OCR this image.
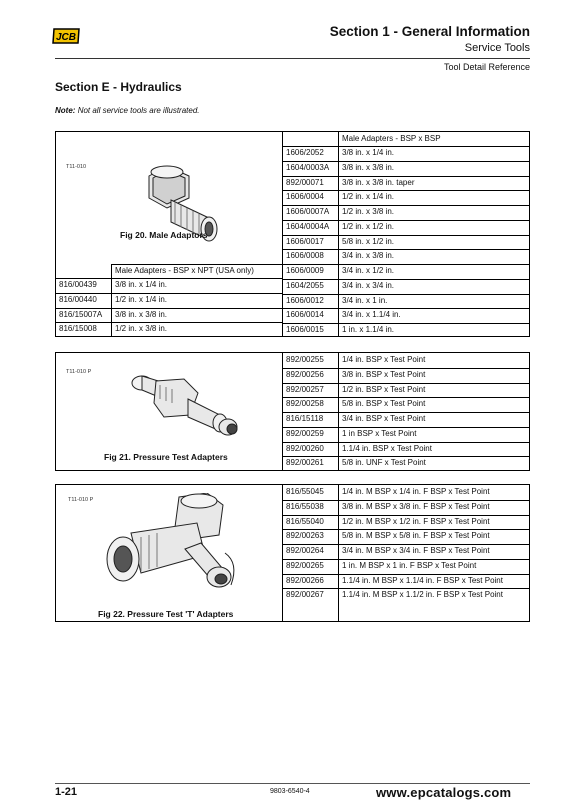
JCB	Section 1 - General Information
Service Tools
Tool Detail Reference
Section E - Hydraulics
Note: Not all service tools are illustrated.
T11-010
Fig 20. Male Adaptors
Male Adapters - BSP x BSP
1606/2052	3/8 in. x 1/4 in.
1604/0003A	3/8 in. x 3/8 in.
892/00071	3/8 in. x 3/8 in. taper
1606/0004	1/2 in. x 1/4 in.
1606/0007A	1/2 in. x 3/8 in.
1604/0004A	1/2 in. x 1/2 in.
1606/0017	5/8 in. x 1/2 in.
1606/0008	3/4 in. x 3/8 in.
1606/0009	3/4 in. x 1/2 in.
1604/2055	3/4 in. x 3/4 in.
1606/0012	3/4 in. x 1 in.
1606/0014	3/4 in. x 1.1/4 in.
1606/0015	1 in. x 1.1/4 in.
Male Adapters - BSP x NPT (USA only)
816/00439	3/8 in. x 1/4 in.
816/00440	1/2 in. x 1/4 in.
816/15007A	3/8 in. x 3/8 in.
816/15008	1/2 in. x 3/8 in.
T11-010 P
Fig 21. Pressure Test Adapters
892/00255	1/4 in. BSP x Test Point
892/00256	3/8 in. BSP x Test Point
892/00257	1/2 in. BSP x Test Point
892/00258	5/8 in. BSP x Test Point
816/15118	3/4 in. BSP x Test Point
892/00259	1 in BSP x Test Point
892/00260	1.1/4 in. BSP x Test Point
892/00261	5/8 in. UNF x Test Point
T11-010 P
Fig 22. Pressure Test 'T' Adapters
816/55045	1/4 in. M BSP x 1/4 in. F BSP x Test Point
816/55038	3/8 in. M BSP x 3/8 in. F BSP x Test Point
816/55040	1/2 in. M BSP x 1/2 in. F BSP x Test Point
892/00263	5/8 in. M BSP x 5/8 in. F BSP x Test Point
892/00264	3/4 in. M BSP x 3/4 in. F BSP x Test Point
892/00265	1 in. M BSP x 1 in. F BSP x Test Point
892/00266	1.1/4 in. M BSP x 1.1/4 in. F BSP x Test Point
892/00267	1.1/4 in. M BSP x 1.1/2 in. F BSP x Test Point
1-21	9803-6540-4	www.epcatalogs.com
